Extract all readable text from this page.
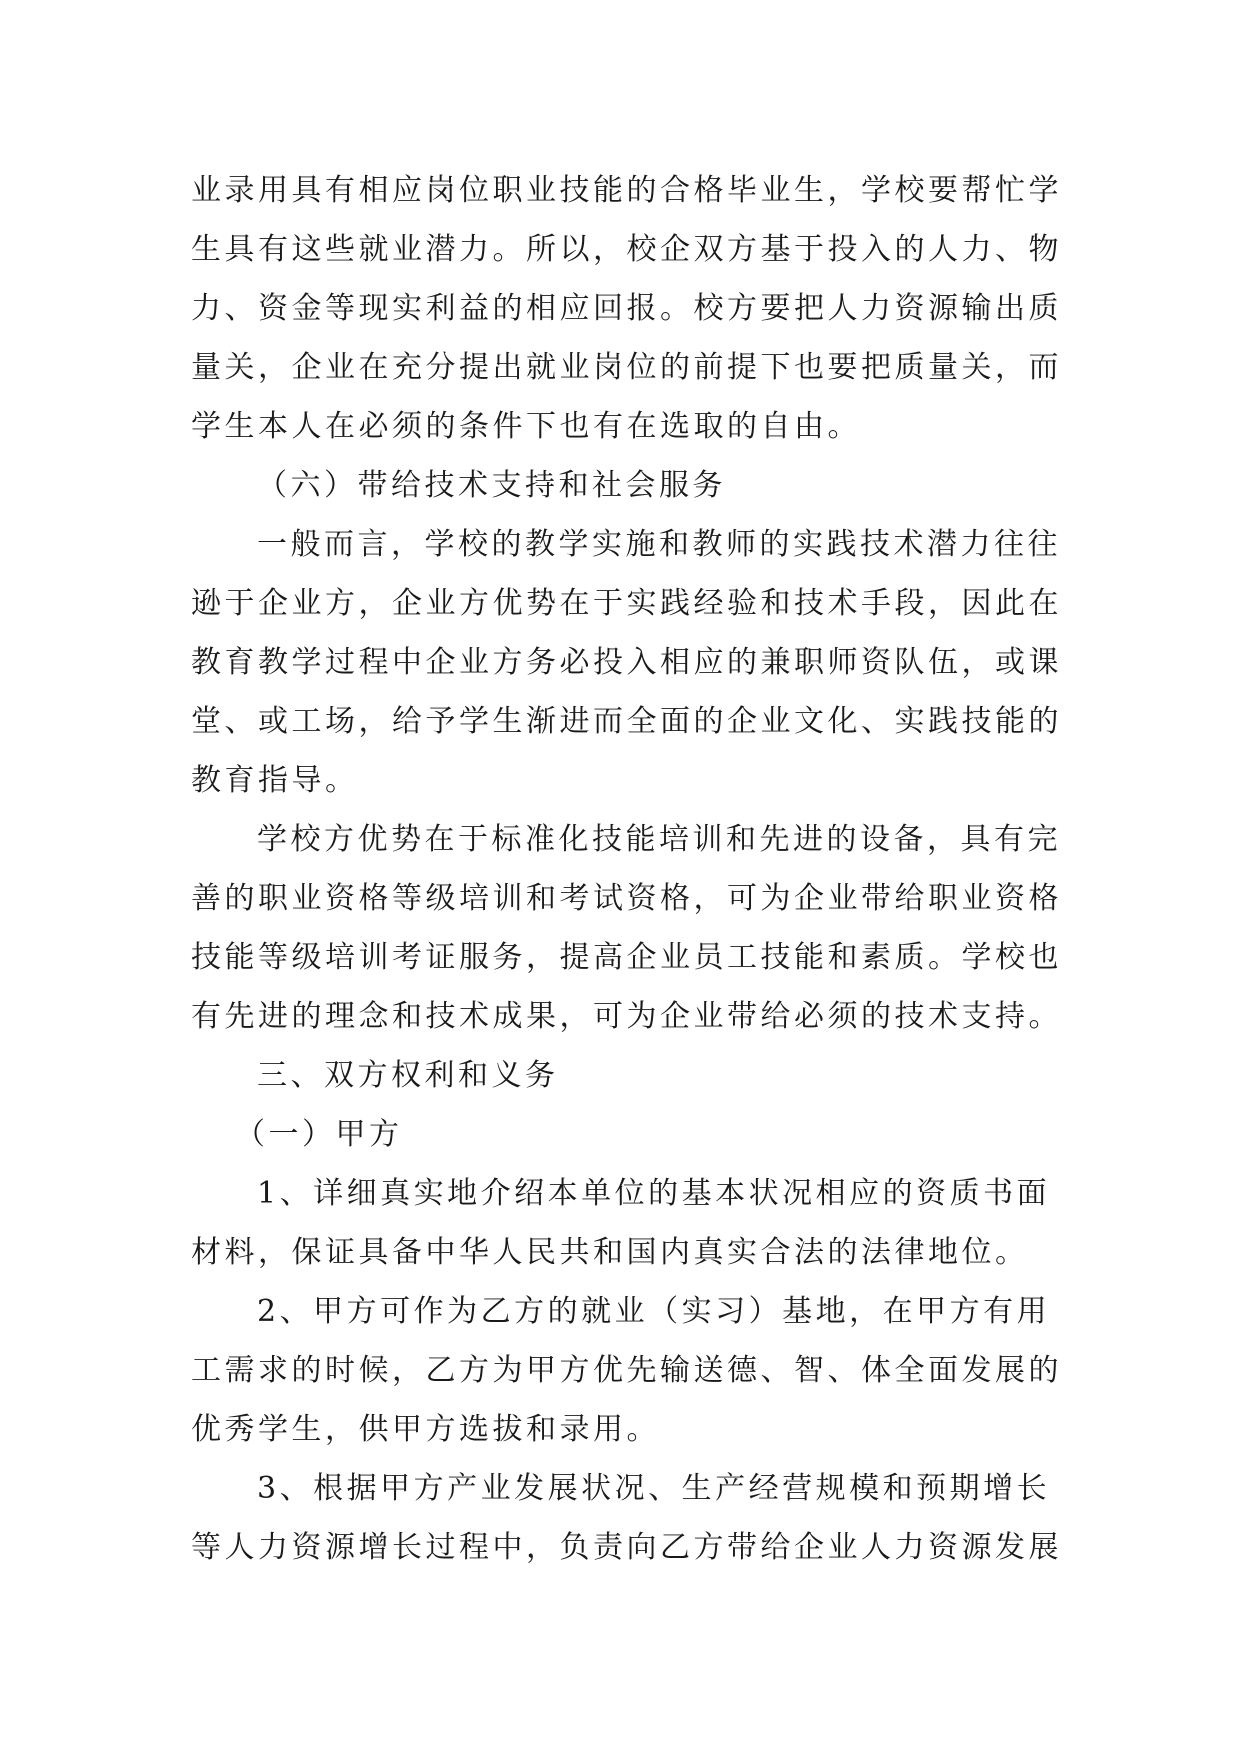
业录用具有相应岗位职业技能的合格毕业生，学校要帮忙学
生具有这些就业潜力。所以，校企双方基于投入的人力、物
力、资金等现实利益的相应回报。校方要把人力资源输出质
量关，企业在充分提出就业岗位的前提下也要把质量关，而
学生本人在必须的条件下也有在选取的自由。
（六）带给技术支持和社会服务
一般而言，学校的教学实施和教师的实践技术潜力往往
逊于企业方，企业方优势在于实践经验和技术手段，因此在
教育教学过程中企业方务必投入相应的兼职师资队伍，或课
堂、或工场，给予学生渐进而全面的企业文化、实践技能的
教育指导。
学校方优势在于标准化技能培训和先进的设备，具有完
善的职业资格等级培训和考试资格，可为企业带给职业资格
技能等级培训考证服务，提高企业员工技能和素质。学校也
有先进的理念和技术成果，可为企业带给必须的技术支持。
三、双方权利和义务
（一）甲方
1、详细真实地介绍本单位的基本状况相应的资质书面
材料，保证具备中华人民共和国内真实合法的法律地位。
2、甲方可作为乙方的就业（实习）基地，在甲方有用
工需求的时候，乙方为甲方优先输送德、智、体全面发展的
优秀学生，供甲方选拔和录用。
3、根据甲方产业发展状况、生产经营规模和预期增长
等人力资源增长过程中，负责向乙方带给企业人力资源发展
